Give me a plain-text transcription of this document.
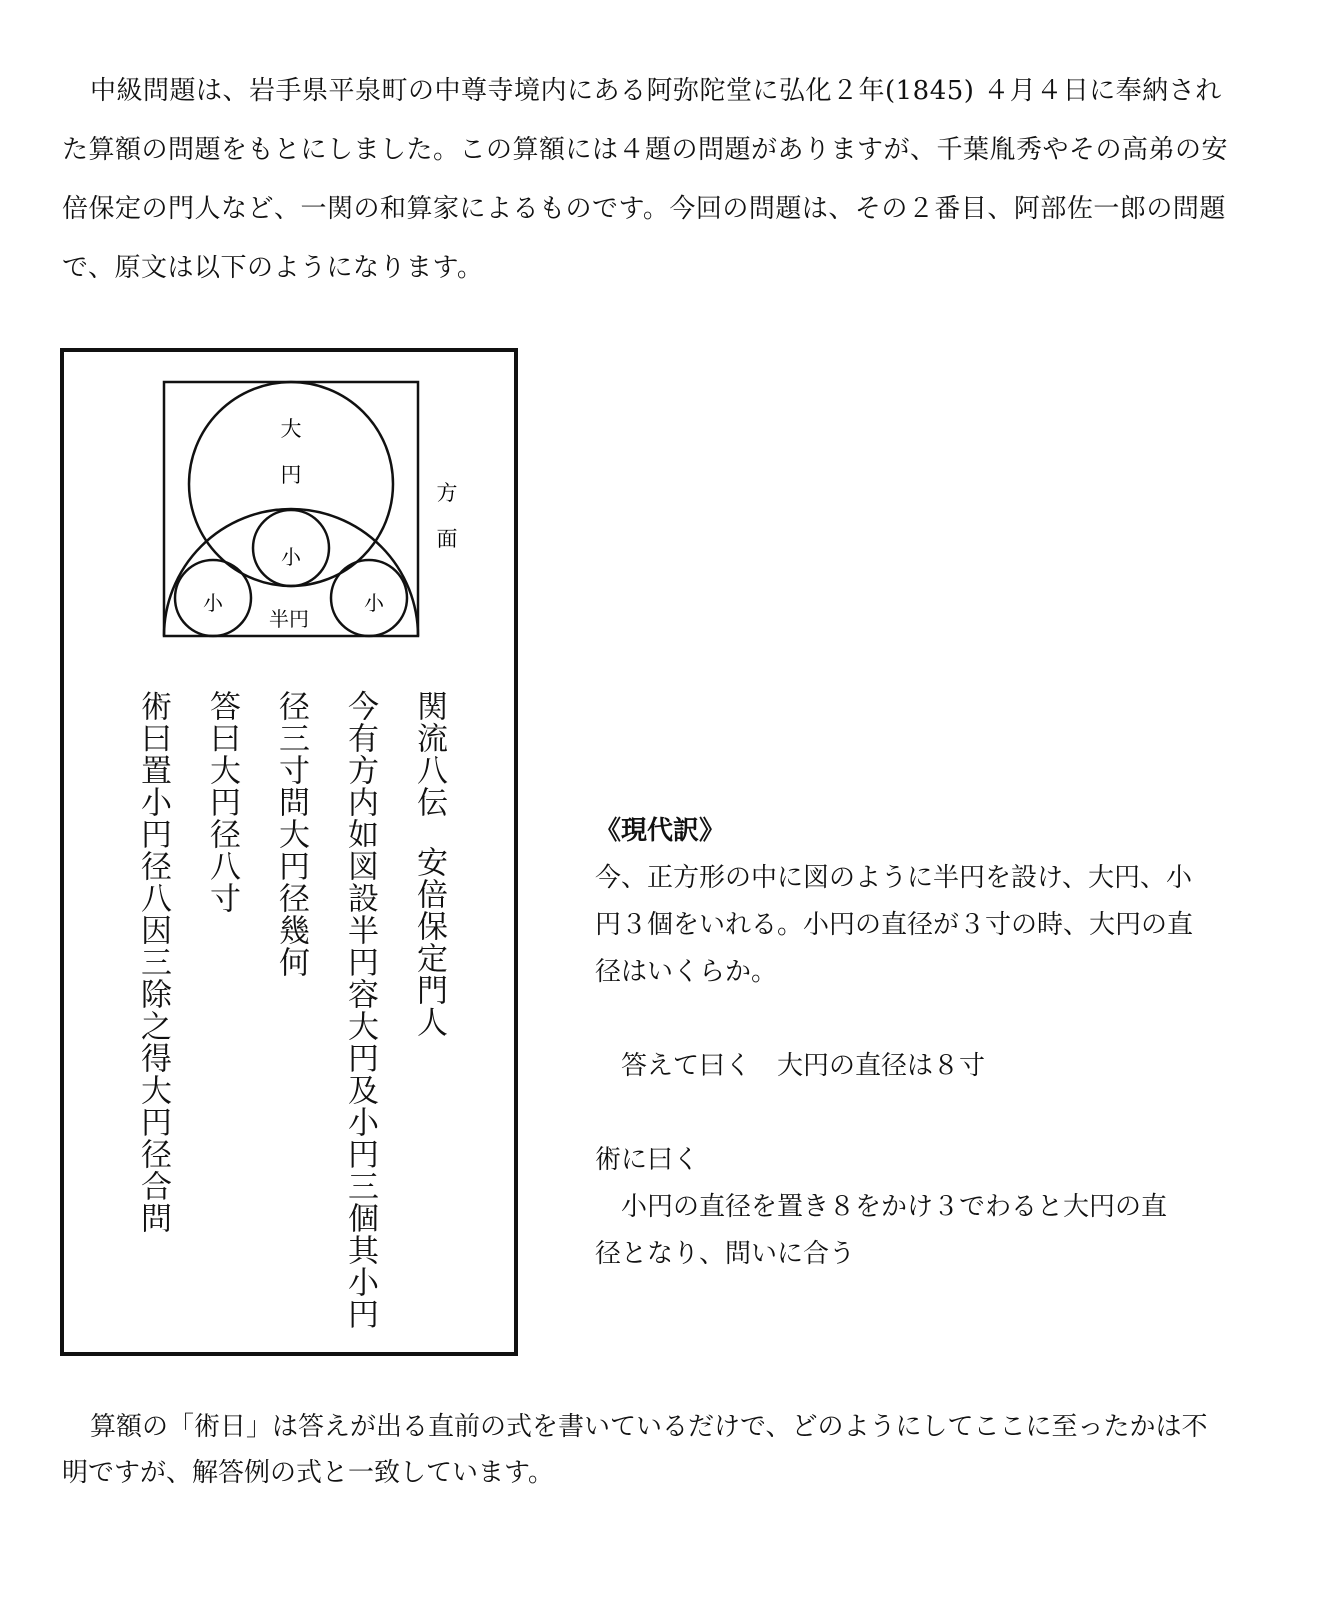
中級問題は、岩手県平泉町の中尊寺境内にある阿弥陀堂に弘化２年(1845) ４月４日に奉納された算額の問題をもとにしました。この算額には４題の問題がありますが、千葉胤秀やその高弟の安倍保定の門人など、一関の和算家によるものです。今回の問題は、その２番目、阿部佐一郎の問題で、原文は以下のようになります。

大
円
方
面
小
小	小
半円
関流八伝安倍保定門人
今有方内如図設半円容大円及小円三個其小円
径三寸問大円径幾何
答曰大円径八寸
術曰置小円径八因三除之得大円径合問	《現代訳》

今、正方形の中に図のように半円を設け、大円、小

円３個をいれる。小円の直径が３寸の時、大円の直

径はいくらか。

　答えて曰く　大円の直径は８寸

術に曰く

　小円の直径を置き８をかけ３でわると大円の直

径となり、問いに合う

算額の「術日」は答えが出る直前の式を書いているだけで、どのようにしてここに至ったかは不明ですが、解答例の式と一致しています。
